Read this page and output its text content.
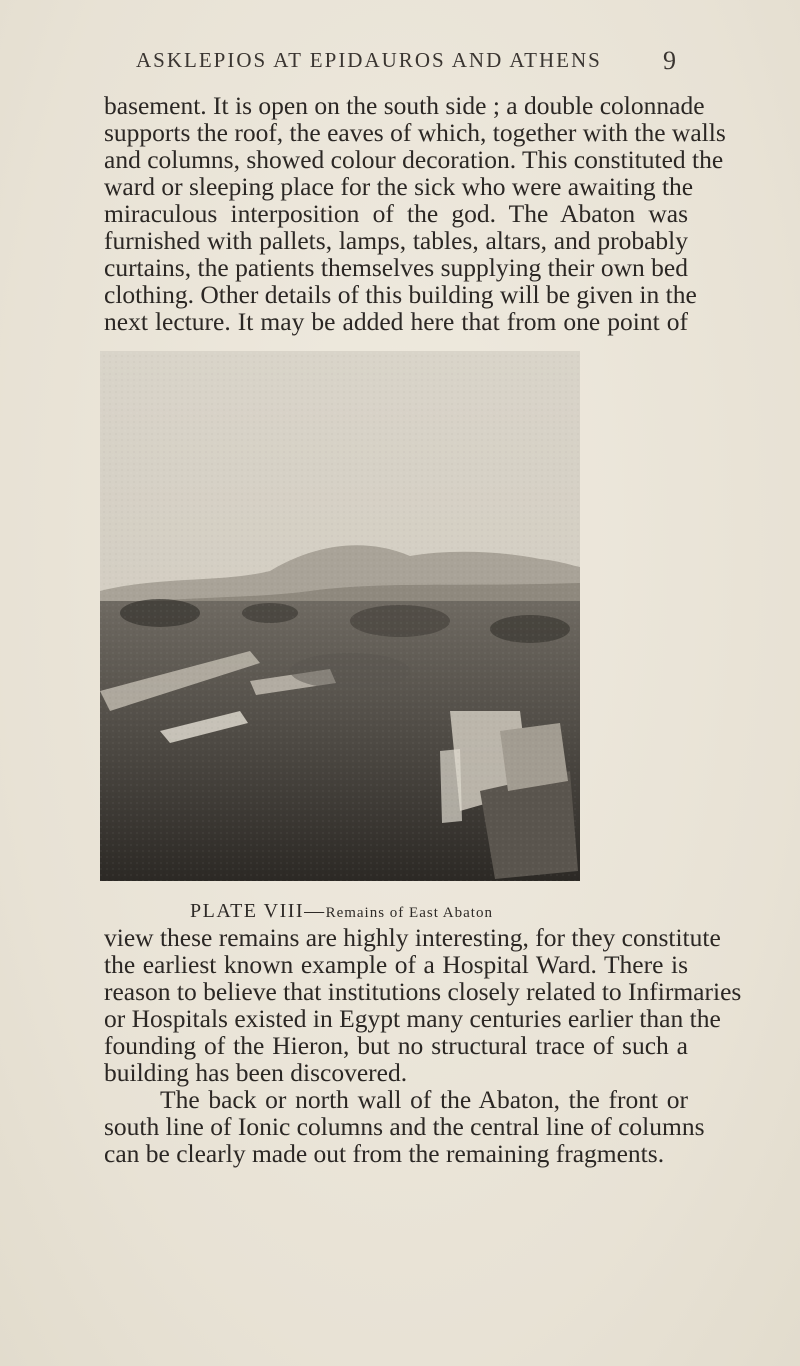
ASKLEPIOS AT EPIDAUROS AND ATHENS 9
basement. It is open on the south side ; a double colonnade
supports the roof, the eaves of which, together with the walls
and columns, showed colour decoration. This constituted the
ward or sleeping place for the sick who were awaiting the
miraculous interposition of the god. The Abaton was
furnished with pallets, lamps, tables, altars, and probably
curtains, the patients themselves supplying their own bed
clothing. Other details of this building will be given in the
next lecture. It may be added here that from one point of
PLATE VIII—Remains of East Abaton
view these remains are highly interesting, for they constitute
the earliest known example of a Hospital Ward. There is
reason to believe that institutions closely related to Infirmaries
or Hospitals existed in Egypt many centuries earlier than the
founding of the Hieron, but no structural trace of such a
building has been discovered.
The back or north wall of the Abaton, the front or
south line of Ionic columns and the central line of columns
can be clearly made out from the remaining fragments.
